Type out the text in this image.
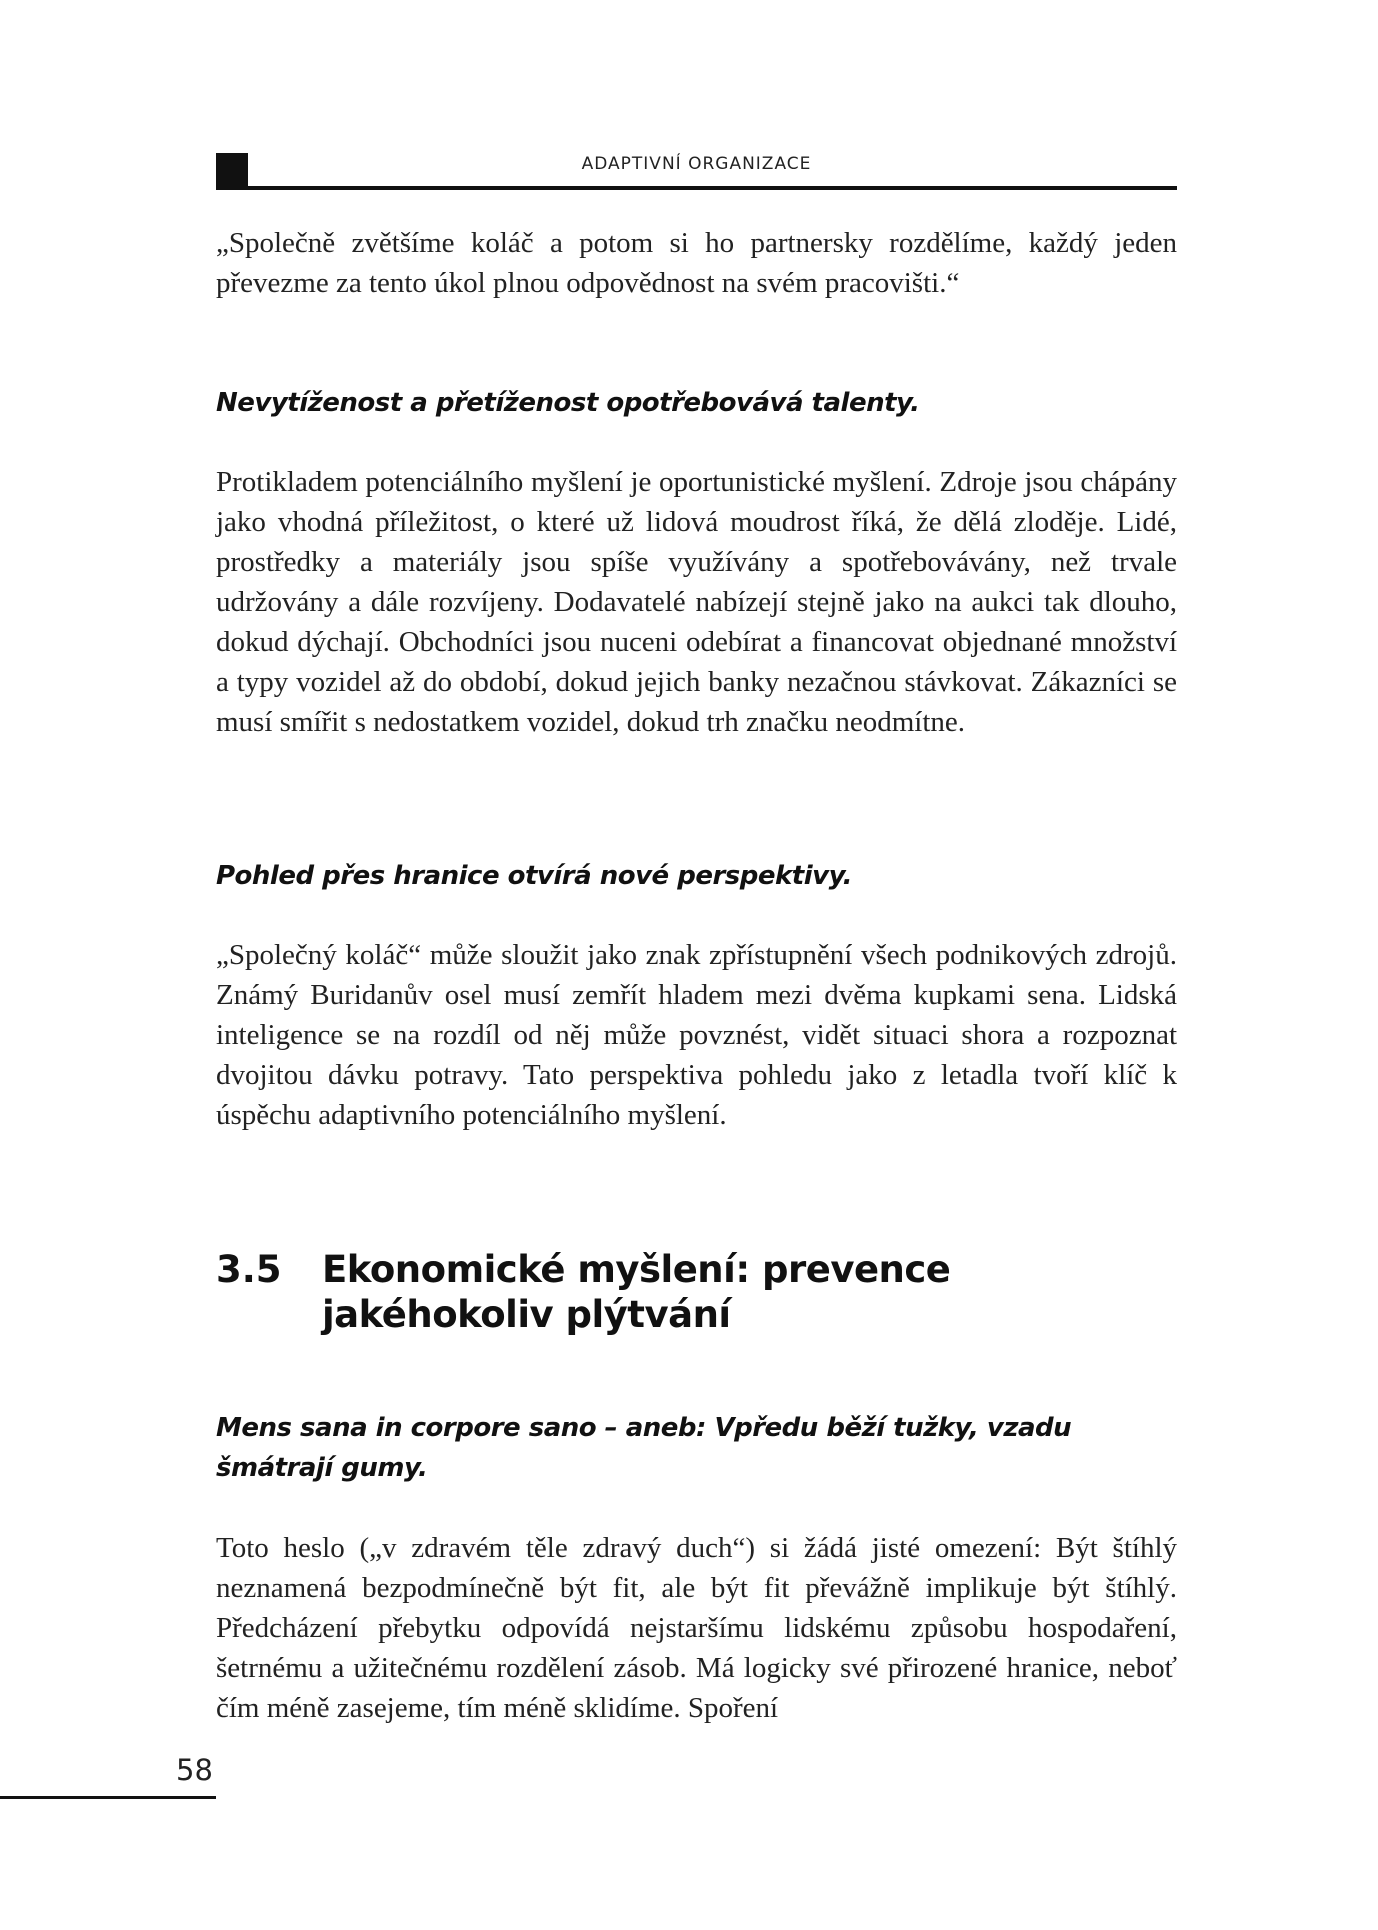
ADAPTIVNÍ ORGANIZACE

„Společně zvětšíme koláč a potom si ho partnersky rozdělíme, každý jeden převezme za tento úkol plnou odpovědnost na svém pracovišti.“

Nevytíženost a přetíženost opotřebovává talenty.

Protikladem potenciálního myšlení je oportunistické myšlení. Zdroje jsou chápány jako vhodná příležitost, o které už lidová moudrost říká, že dělá zloděje. Lidé, prostředky a materiály jsou spíše využívány a spotřebovávány, než trvale udržovány a dále rozvíjeny. Dodavatelé nabízejí stejně jako na aukci tak dlouho, dokud dýchají. Obchodníci jsou nuceni odebírat a financovat objednané množství a typy vozidel až do období, dokud jejich banky nezačnou stávkovat. Zákazníci se musí smířit s nedostatkem vozidel, dokud trh značku neodmítne.

Pohled přes hranice otvírá nové perspektivy.

„Společný koláč“ může sloužit jako znak zpřístupnění všech podnikových zdrojů. Známý Buridanův osel musí zemřít hladem mezi dvěma kupkami sena. Lidská inteligence se na rozdíl od něj může povznést, vidět situaci shora a rozpoznat dvojitou dávku potravy. Tato perspektiva pohledu jako z letadla tvoří klíč k úspěchu adaptivního potenciálního myšlení.

3.5 Ekonomické myšlení: prevence jakéhokoliv plýtvání
Mens sana in corpore sano – aneb: Vpředu běží tužky, vzadu šmátrají gumy.

Toto heslo („v zdravém těle zdravý duch“) si žádá jisté omezení: Být štíhlý neznamená bezpodmínečně být fit, ale být fit převážně implikuje být štíhlý. Předcházení přebytku odpovídá nejstaršímu lidskému způsobu hospodaření, šetrnému a užitečnému rozdělení zásob. Má logicky své přirozené hranice, neboť čím méně zasejeme, tím méně sklidíme. Spoření

58
